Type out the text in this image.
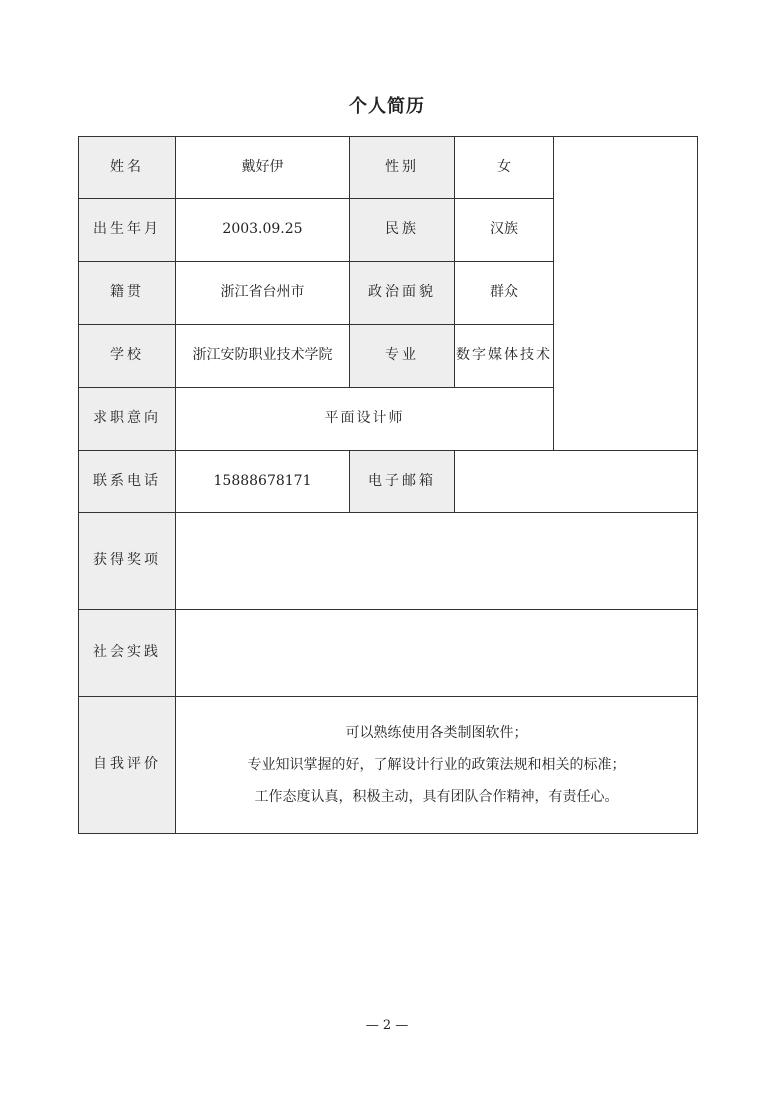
个人简历
姓名	戴好伊	性别	女	
出生年月	2003.09.25	民族	汉族	
籍贯	浙江省台州市	政治面貌	群众	
学校	浙江安防职业技术学院	专业	数字媒体技术	
求职意向	平面设计师			
联系电话	15888678171	电子邮箱		
获得奖项				
社会实践				
自我评价	可以熟练使用各类制图软件；
专业知识掌握的好，了解设计行业的政策法规和相关的标准；
工作态度认真，积极主动，具有团队合作精神，有责任心。			
— 2 —
